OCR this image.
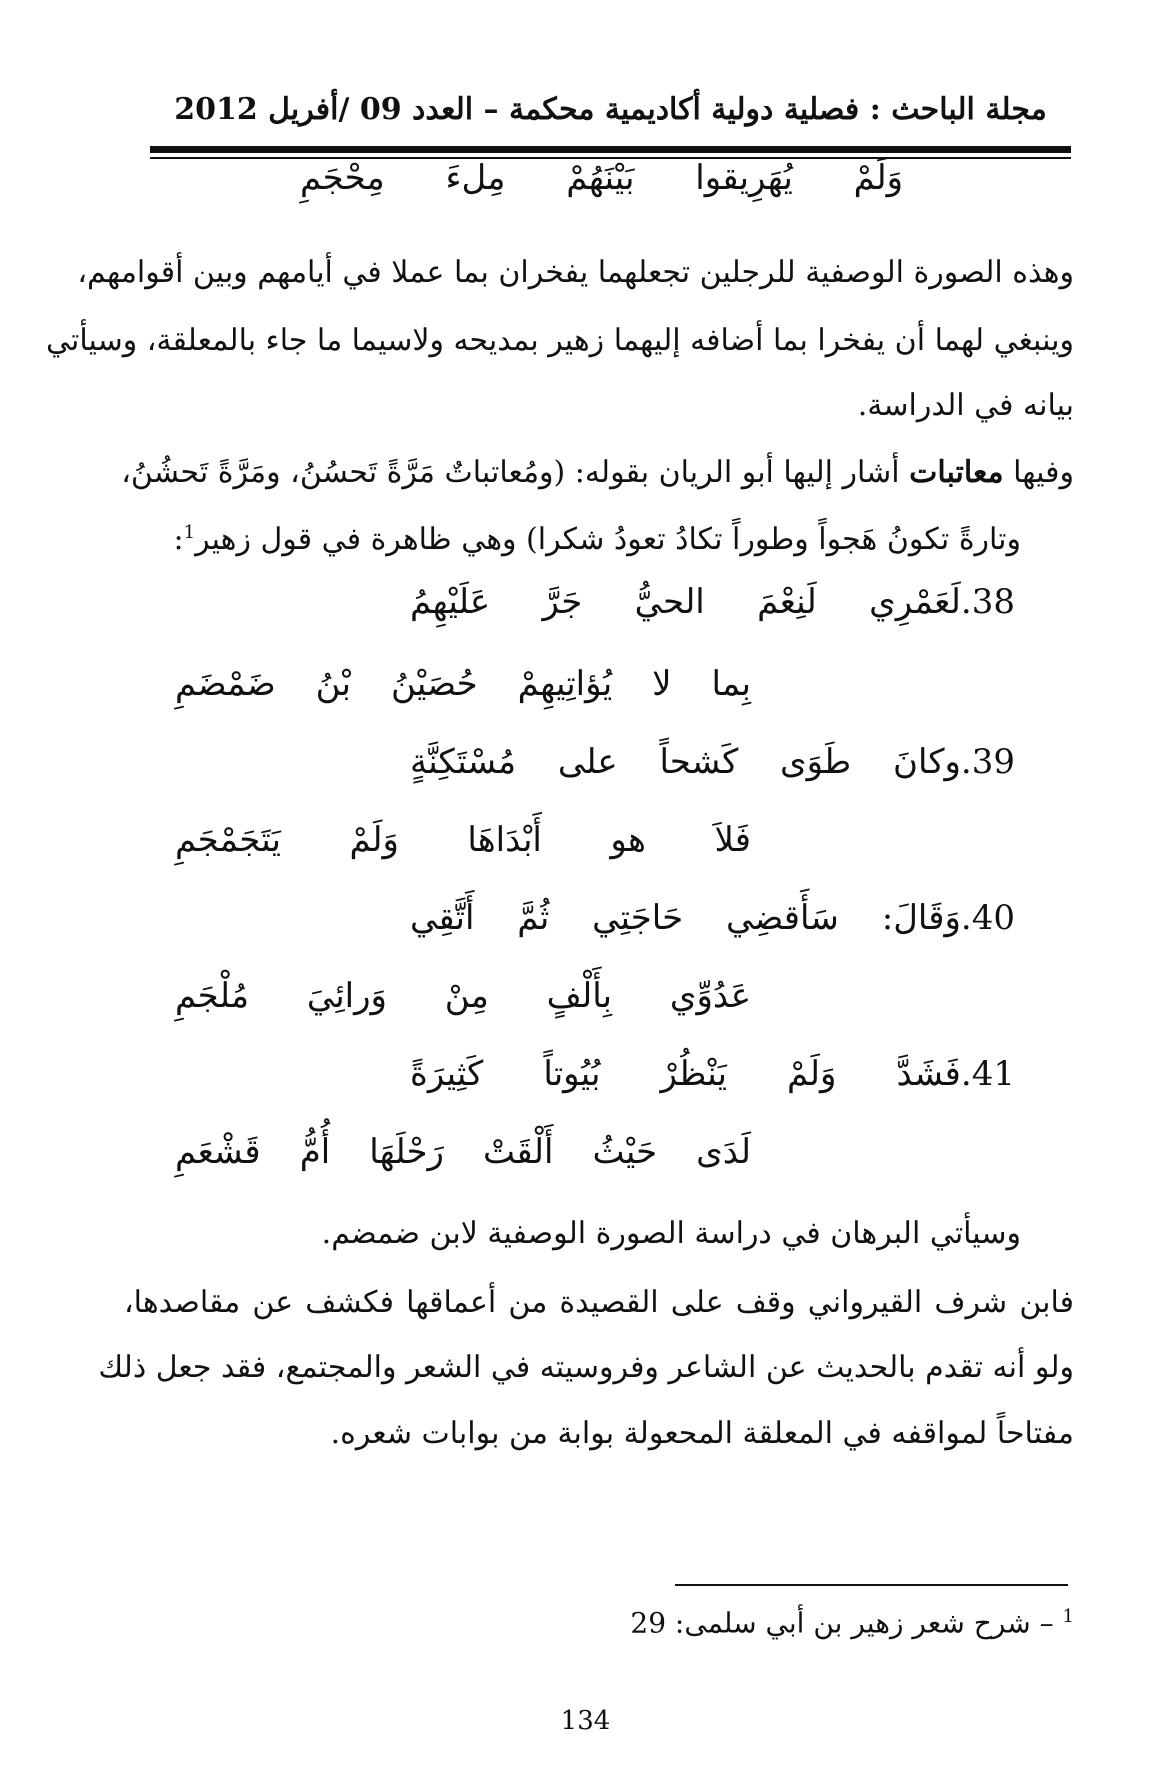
مجلة الباحث : فصلية دولية أكاديمية محكمة – العدد 09 /أفريل 2012
وَلَمْ
يُهَرِيقوا
بَيْنَهُمْ
مِلءَ
مِحْجَمِ
وهذه الصورة الوصفية للرجلين تجعلهما يفخران بما عملا في أيامهم وبين أقوامهم،
وينبغي لهما أن يفخرا بما أضافه إليهما زهير بمديحه ولاسيما ما جاء بالمعلقة، وسيأتي
بيانه في الدراسة.
وفيها معاتبات أشار إليها أبو الريان بقوله: (ومُعاتباتٌ مَرَّةً تَحسُنُ، ومَرَّةً تَحشُنُ،
وتارةً تكونُ هَجواً وطوراً تكادُ تعودُ شكرا) وهي ظاهرة في قول زهير$^1$:
38.لَعَمْرِي
لَنِعْمَ
الحيُّ
جَرَّ
عَلَيْهِمُ
بِما
لا
يُؤاتِيهِمْ
حُصَيْنُ
بْنُ
ضَمْضَمِ
39.وكانَ
طَوَى
كَشحاً
على
مُسْتَكِنَّةٍ
فَلاَ
هو
أَبْدَاهَا
وَلَمْ
يَتَجَمْجَمِ
40.وَقَالَ:
سَأَقضِي
حَاجَتِي
ثُمَّ
أَتَّقِي
عَدُوِّي
بِأَلْفٍ
مِنْ
وَرائِيَ
مُلْجَمِ
41.فَشَدَّ
وَلَمْ
يَنْظُرْ
بُيُوتاً
كَثِيرَةً
لَدَى
حَيْثُ
أَلْقَتْ
رَحْلَهَا
أُمُّ
قَشْعَمِ
وسيأتي البرهان في دراسة الصورة الوصفية لابن ضمضم.
فابن شرف القيرواني وقف على القصيدة من أعماقها فكشف عن مقاصدها،
ولو أنه تقدم بالحديث عن الشاعر وفروسيته في الشعر والمجتمع، فقد جعل ذلك
مفتاحاً لمواقفه في المعلقة المحعولة بوابة من بوابات شعره.
$^1$ – شرح شعر زهير بن أبي سلمى: 29
134
